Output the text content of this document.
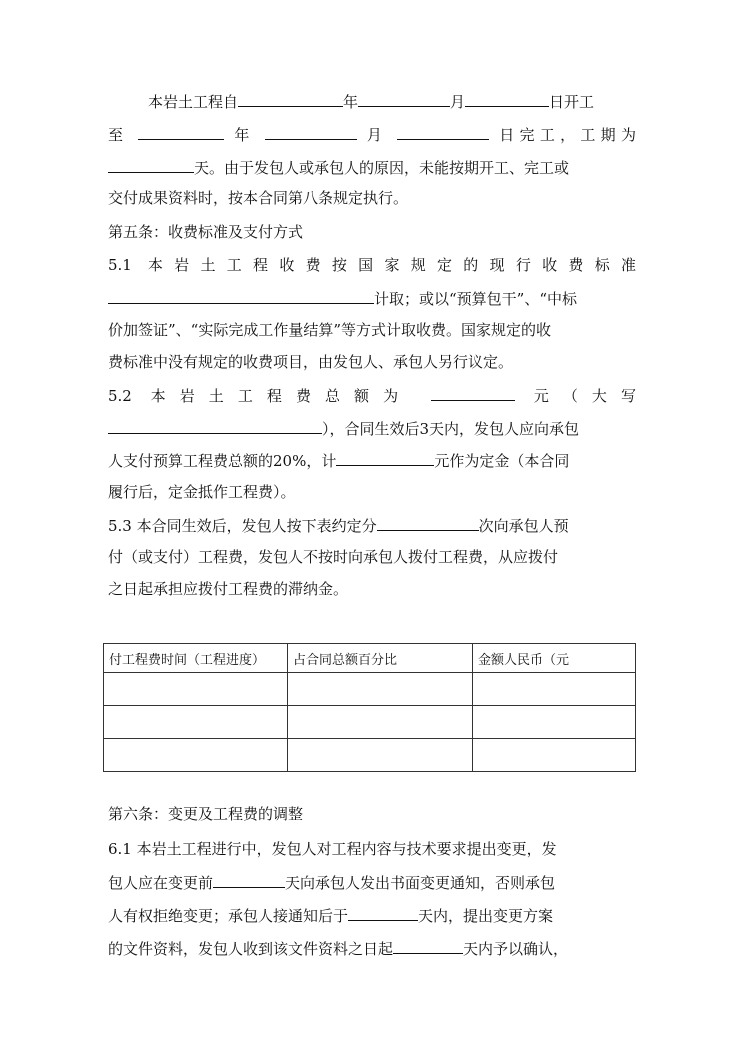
本岩土工程自	年	月	日开工
至	年	月	日完工，工期为
天。由于发包人或承包人的原因，未能按期开工、完工或
交付成果资料时，按本合同第八条规定执行。
第五条：收费标准及支付方式
5.1 本岩土工程收费按国家规定的现行收费标准
计取；或以“预算包干”、“中标
价加签证”、“实际完成工作量结算”等方式计取收费。国家规定的收
费标准中没有规定的收费项目，由发包人、承包人另行议定。
5.2 本岩土工程费总额为	元（大写
），合同生效后3天内，发包人应向承包
人支付预算工程费总额的20%，计	元作为定金（本合同
履行后，定金抵作工程费）。
5.3 本合同生效后，发包人按下表约定分	次向承包人预
付（或支付）工程费，发包人不按时向承包人拨付工程费，从应拨付
之日起承担应拨付工程费的滞纳金。
付工程费时间（工程进度）	占合同总额百分比	金额人民币（元

第六条：变更及工程费的调整
6.1 本岩土工程进行中，发包人对工程内容与技术要求提出变更，发
包人应在变更前	天向承包人发出书面变更通知，否则承包
人有权拒绝变更；承包人接通知后于	天内，提出变更方案
的文件资料，发包人收到该文件资料之日起	天内予以确认，
